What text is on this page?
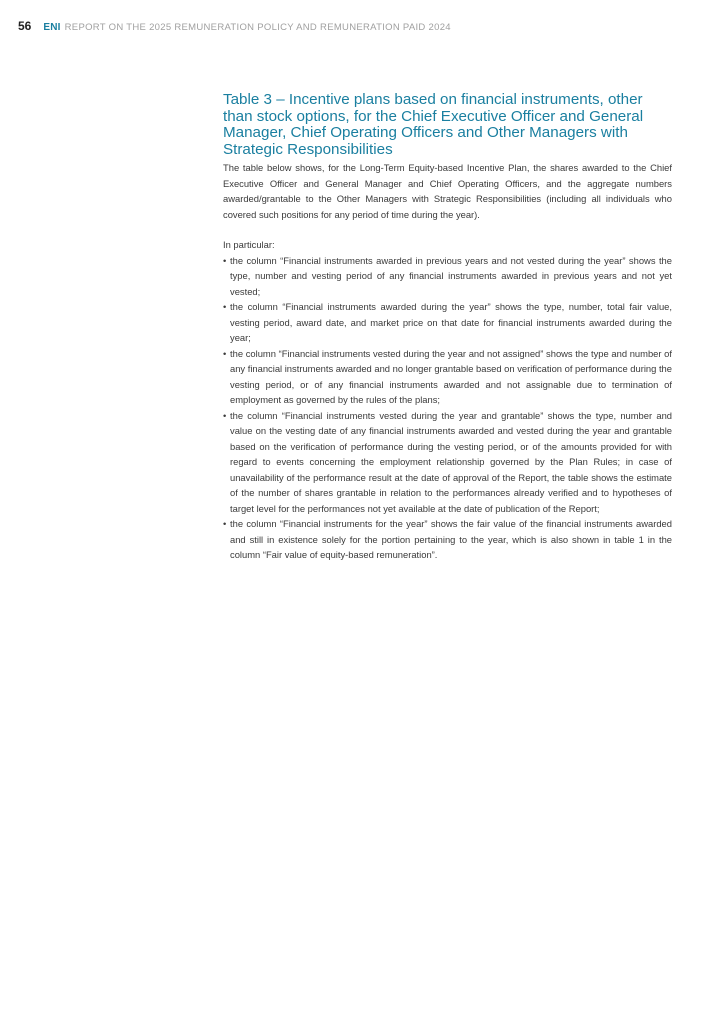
56 ENI REPORT ON THE 2025 REMUNERATION POLICY AND REMUNERATION PAID 2024
Table 3 – Incentive plans based on financial instruments, other than stock options, for the Chief Executive Officer and General Manager, Chief Operating Officers and Other Managers with Strategic Responsibilities

The table below shows, for the Long-Term Equity-based Incentive Plan, the shares awarded to the Chief Executive Officer and General Manager and Chief Operating Officers, and the aggregate numbers awarded/grantable to the Other Managers with Strategic Responsibilities (including all individuals who covered such positions for any period of time during the year).

In particular:

• the column “Financial instruments awarded in previous years and not vested during the year” shows the type, number and vesting period of any financial instruments awarded in previous years and not yet vested;
• the column “Financial instruments awarded during the year” shows the type, number, total fair value, vesting period, award date, and market price on that date for financial instruments awarded during the year;
• the column “Financial instruments vested during the year and not assigned” shows the type and number of any financial instruments awarded and no longer grantable based on verification of performance during the vesting period, or of any financial instruments awarded and not assignable due to termination of employment as governed by the rules of the plans;
• the column “Financial instruments vested during the year and grantable” shows the type, number and value on the vesting date of any financial instruments awarded and vested during the year and grantable based on the verification of performance during the vesting period, or of the amounts provided for with regard to events concerning the employment relationship governed by the Plan Rules; in case of unavailability of the performance result at the date of approval of the Report, the table shows the estimate of the number of shares grantable in relation to the performances already verified and to hypotheses of target level for the performances not yet available at the date of publication of the Report;
• the column “Financial instruments for the year” shows the fair value of the financial instruments awarded and still in existence solely for the portion pertaining to the year, which is also shown in table 1 in the column “Fair value of equity-based remuneration”.
